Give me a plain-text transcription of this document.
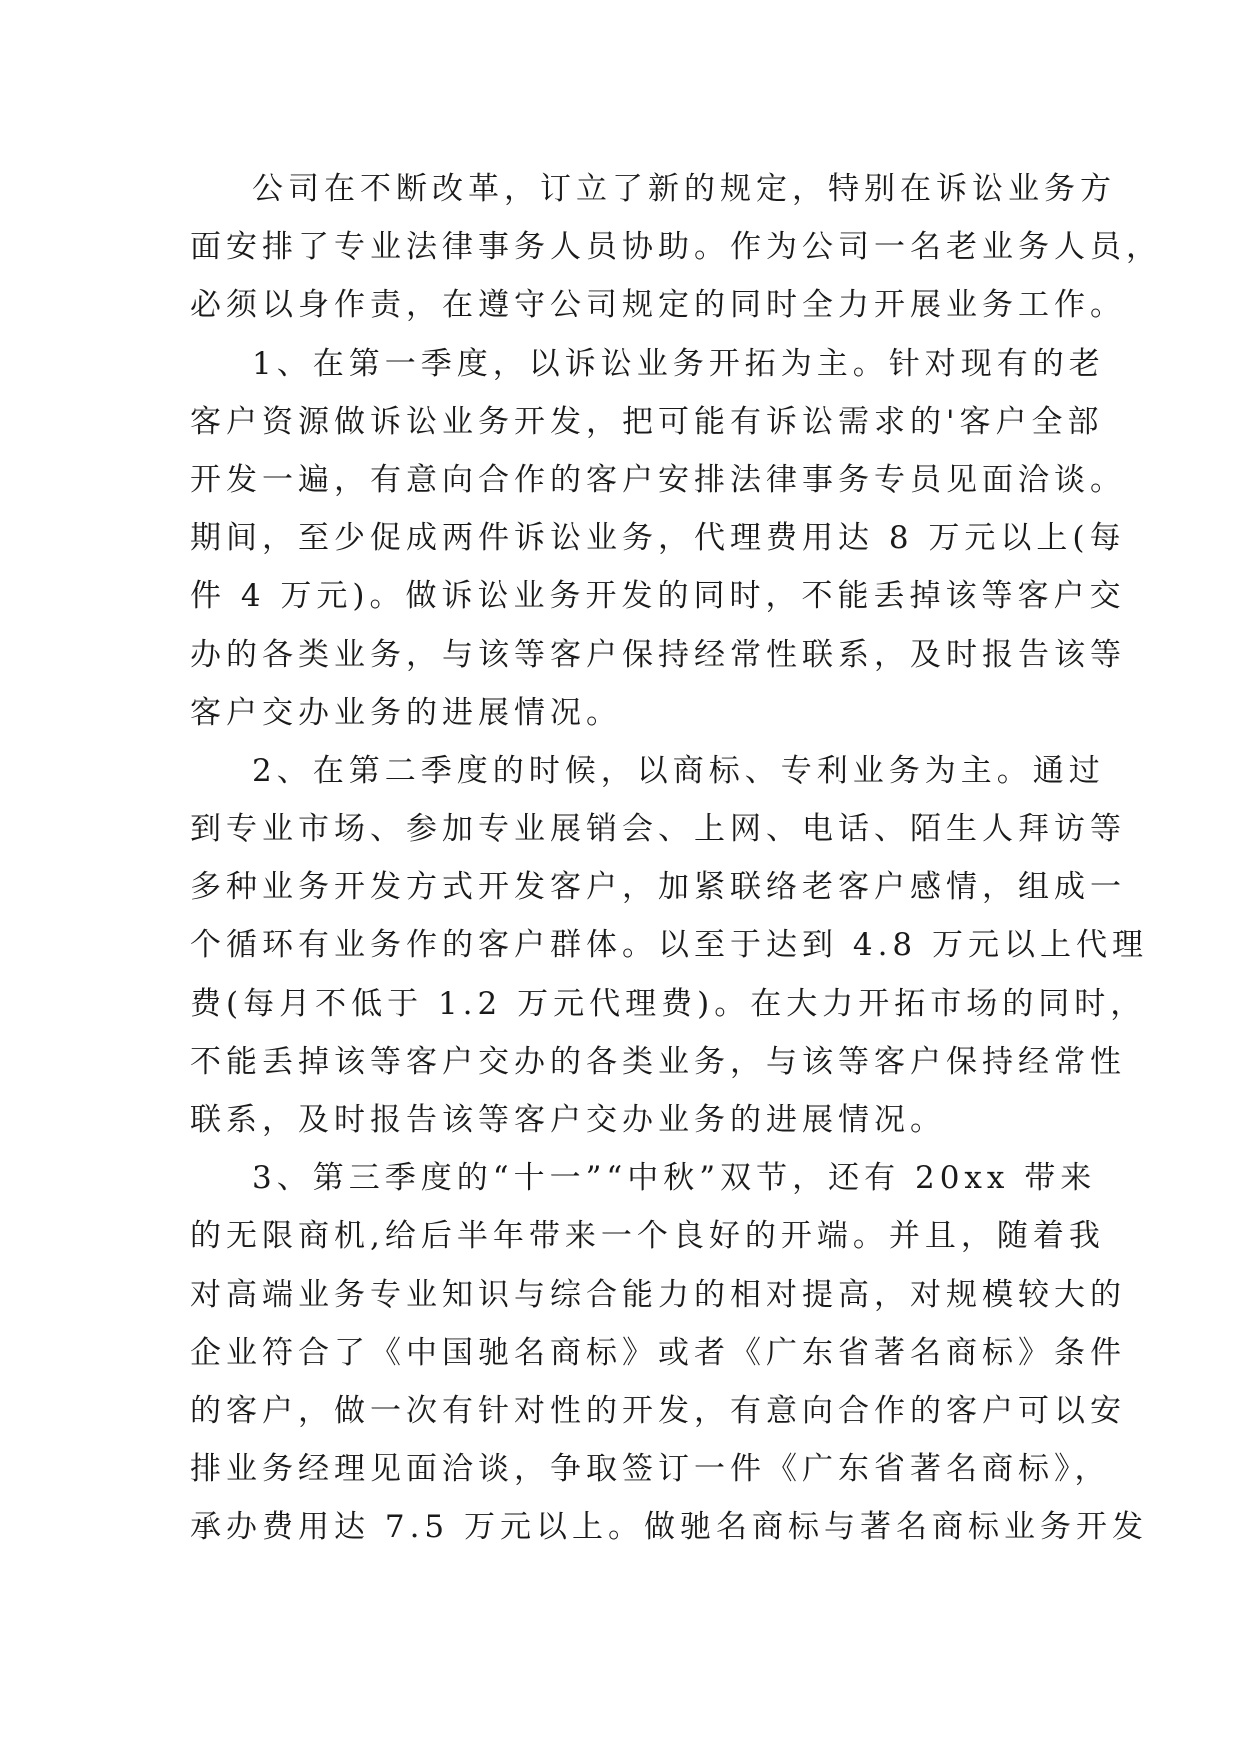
公司在不断改革，订立了新的规定，特别在诉讼业务方
面安排了专业法律事务人员协助。作为公司一名老业务人员，
必须以身作责，在遵守公司规定的同时全力开展业务工作。
1、在第一季度，以诉讼业务开拓为主。针对现有的老
客户资源做诉讼业务开发，把可能有诉讼需求的'客户全部
开发一遍，有意向合作的客户安排法律事务专员见面洽谈。
期间，至少促成两件诉讼业务，代理费用达 8 万元以上(每
件 4 万元)。做诉讼业务开发的同时，不能丢掉该等客户交
办的各类业务，与该等客户保持经常性联系，及时报告该等
客户交办业务的进展情况。
2、在第二季度的时候，以商标、专利业务为主。通过
到专业市场、参加专业展销会、上网、电话、陌生人拜访等
多种业务开发方式开发客户，加紧联络老客户感情，组成一
个循环有业务作的客户群体。以至于达到 4.8 万元以上代理
费(每月不低于 1.2 万元代理费)。在大力开拓市场的同时，
不能丢掉该等客户交办的各类业务，与该等客户保持经常性
联系，及时报告该等客户交办业务的进展情况。
3、第三季度的“十一”“中秋”双节，还有 20xx 带来
的无限商机,给后半年带来一个良好的开端。并且，随着我
对高端业务专业知识与综合能力的相对提高，对规模较大的
企业符合了《中国驰名商标》或者《广东省著名商标》条件
的客户，做一次有针对性的开发，有意向合作的客户可以安
排业务经理见面洽谈，争取签订一件《广东省著名商标》，
承办费用达 7.5 万元以上。做驰名商标与著名商标业务开发
